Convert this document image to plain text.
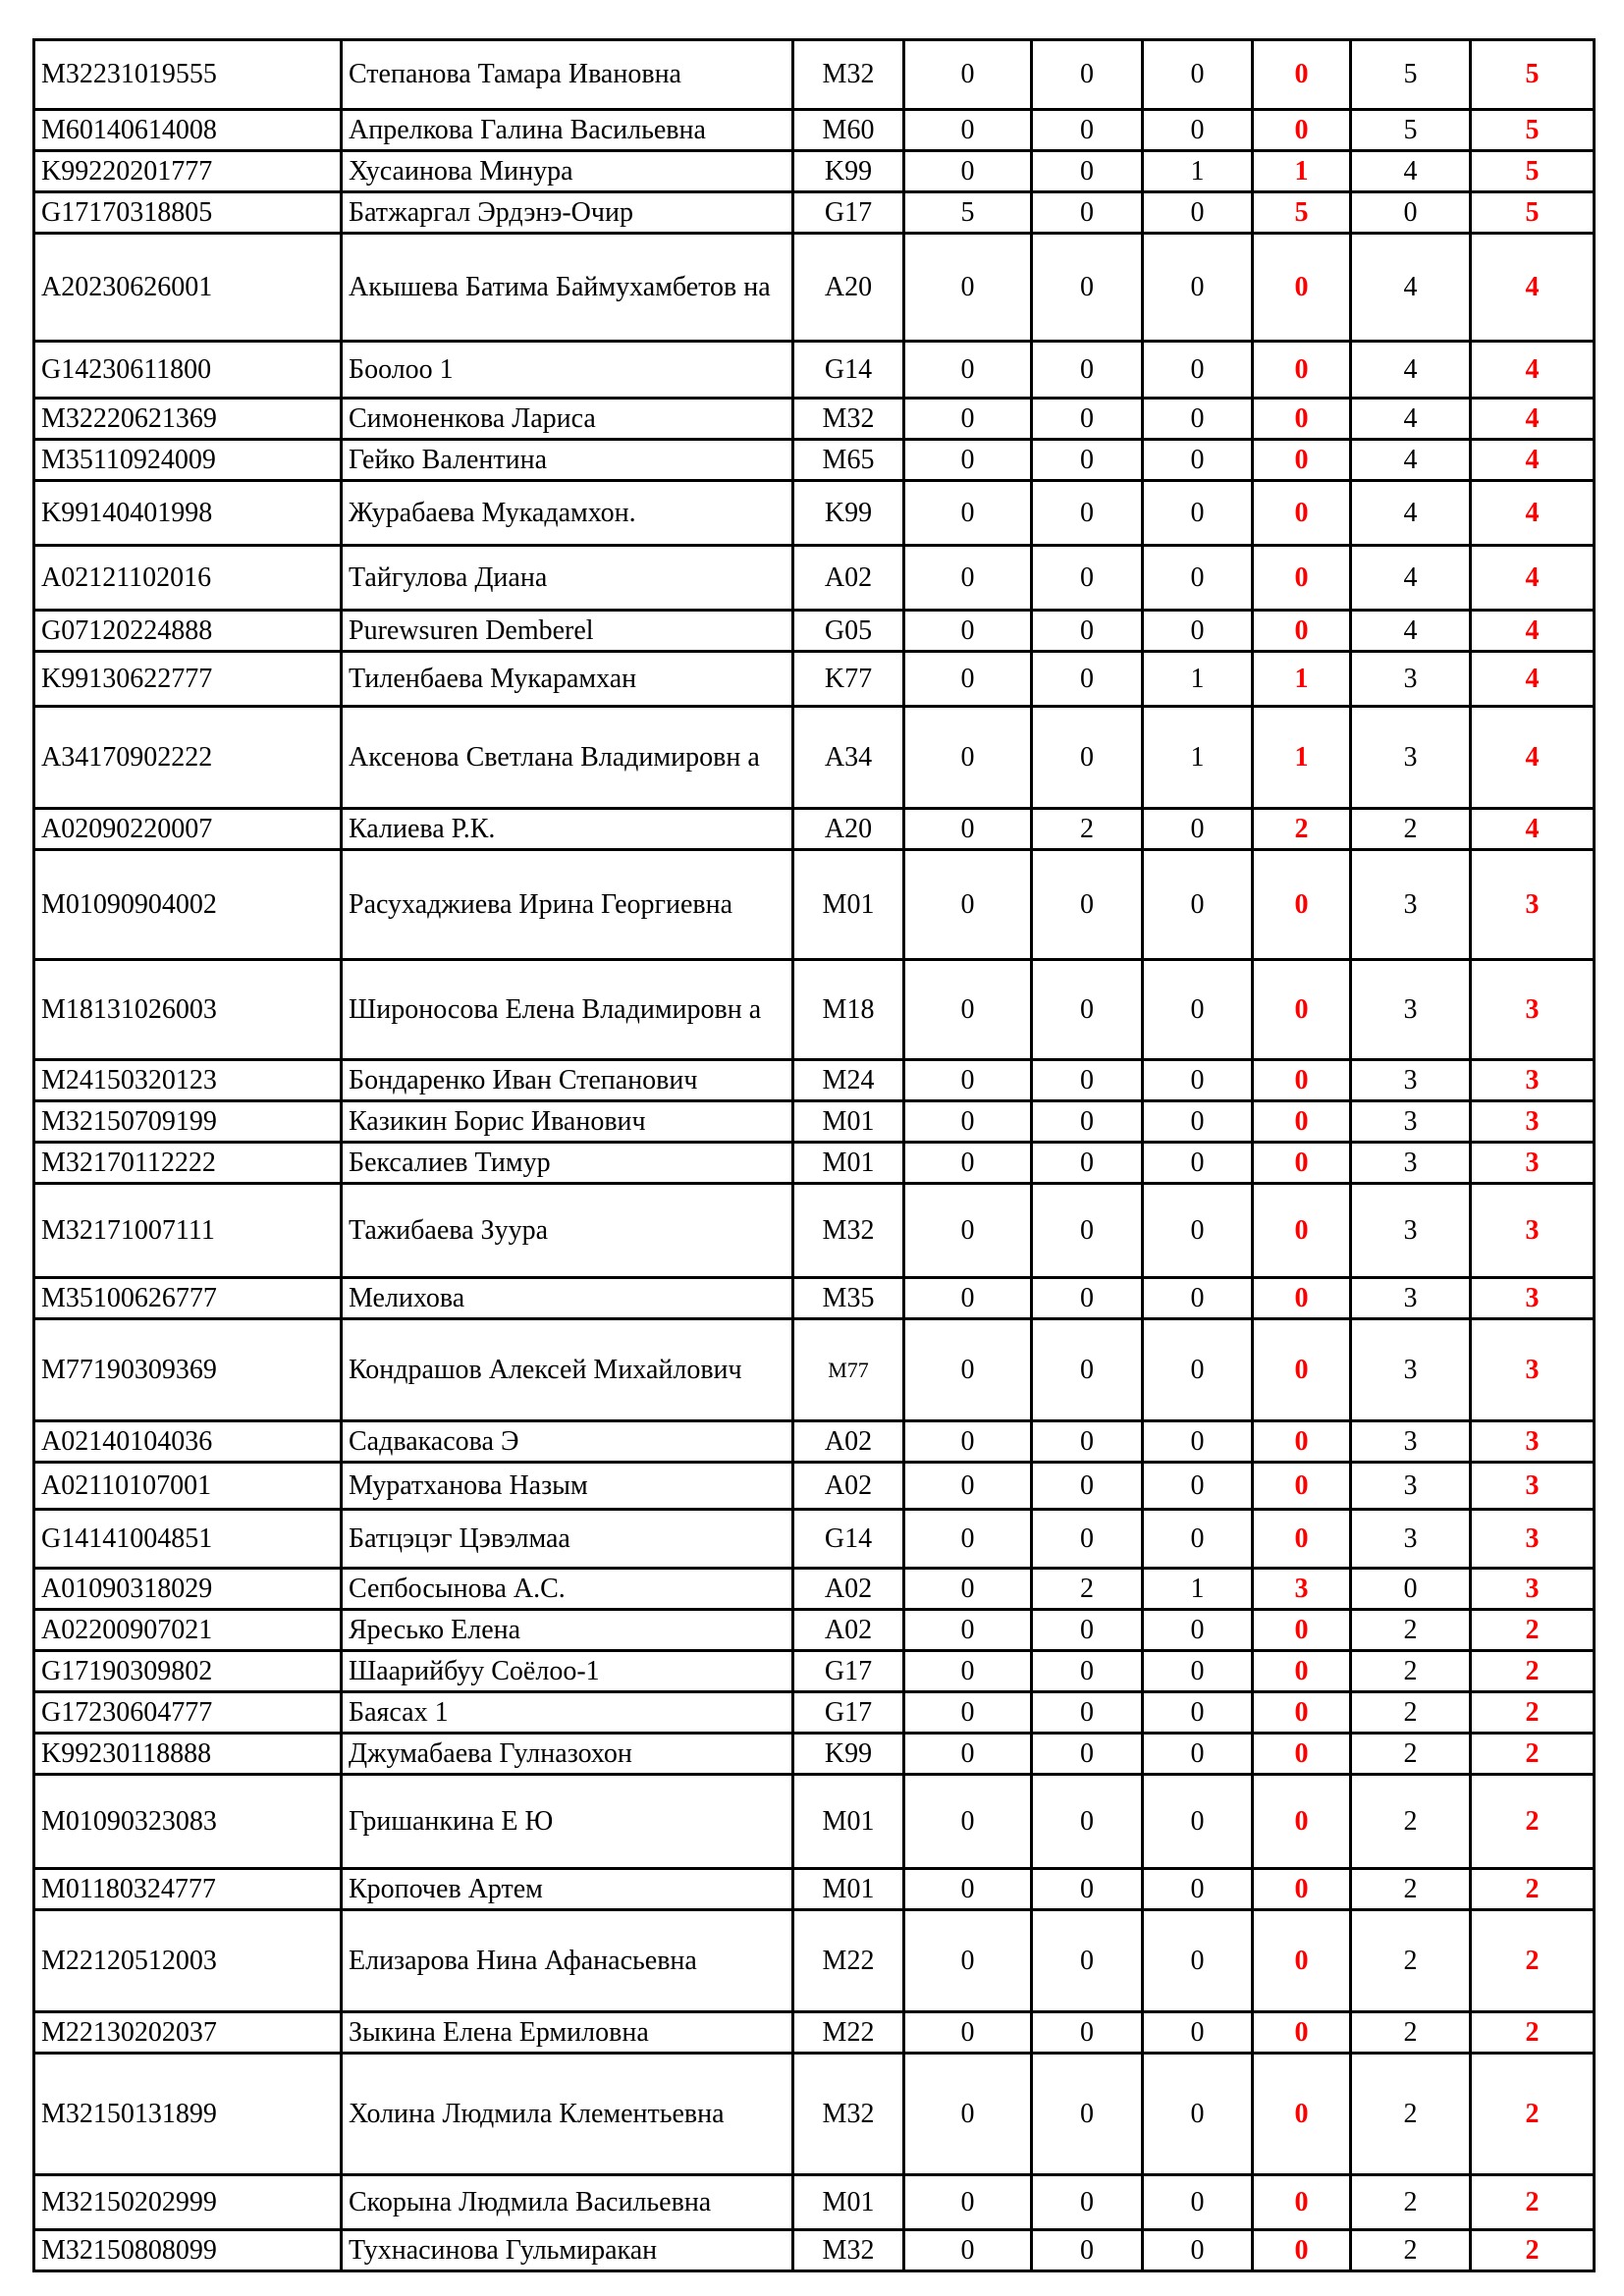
M32231019555	Степанова Тамара Ивановна	M32	0	0	0	0	5	5
M60140614008	Апрелкова Галина Васильевна	M60	0	0	0	0	5	5
K99220201777	Хусаинова Минура	K99	0	0	1	1	4	5
G17170318805	Батжаргал Эрдэнэ-Очир	G17	5	0	0	5	0	5
A20230626001	Акышева Батима Баймухамбетов на	A20	0	0	0	0	4	4
G14230611800	Боолоо 1	G14	0	0	0	0	4	4
M32220621369	Симоненкова Лариса	M32	0	0	0	0	4	4
M35110924009	Гейко Валентина	M65	0	0	0	0	4	4
K99140401998	Журабаева Мукадамхон.	K99	0	0	0	0	4	4
A02121102016	Тайгулова Диана	A02	0	0	0	0	4	4
G07120224888	Purewsuren Demberel	G05	0	0	0	0	4	4
K99130622777	Тиленбаева Мукарамхан	K77	0	0	1	1	3	4
A34170902222	Аксенова Светлана Владимировн а	A34	0	0	1	1	3	4
A02090220007	Калиева Р.К.	A20	0	2	0	2	2	4
M01090904002	Расухаджиева Ирина Георгиевна	M01	0	0	0	0	3	3
M18131026003	Широносова Елена Владимировн а	M18	0	0	0	0	3	3
M24150320123	Бондаренко Иван Степанович	M24	0	0	0	0	3	3
M32150709199	Казикин Борис Иванович	M01	0	0	0	0	3	3
M32170112222	Бексалиев Тимур	M01	0	0	0	0	3	3
M32171007111	Тажибаева Зуура	M32	0	0	0	0	3	3
M35100626777	Мелихова	M35	0	0	0	0	3	3
M77190309369	Кондрашов Алексей Михайлович	M77	0	0	0	0	3	3
A02140104036	Садвакасова Э	A02	0	0	0	0	3	3
A02110107001	Муратханова Назым	A02	0	0	0	0	3	3
G14141004851	Батцэцэг Цэвэлмаа	G14	0	0	0	0	3	3
A01090318029	Сепбосынова А.С.	A02	0	2	1	3	0	3
A02200907021	Яресько Елена	A02	0	0	0	0	2	2
G17190309802	Шаарийбуу Соёлоо-1	G17	0	0	0	0	2	2
G17230604777	Баясах 1	G17	0	0	0	0	2	2
K99230118888	Джумабаева Гулназохон	K99	0	0	0	0	2	2
M01090323083	Гришанкина Е Ю	M01	0	0	0	0	2	2
M01180324777	Кропочев Артем	M01	0	0	0	0	2	2
M22120512003	Елизарова Нина Афанасьевна	M22	0	0	0	0	2	2
M22130202037	Зыкина Елена Ермиловна	M22	0	0	0	0	2	2
M32150131899	Холина Людмила Клементьевна	M32	0	0	0	0	2	2
M32150202999	Скорына Людмила Васильевна	M01	0	0	0	0	2	2
M32150808099	Тухнасинова Гульмиракан	M32	0	0	0	0	2	2
